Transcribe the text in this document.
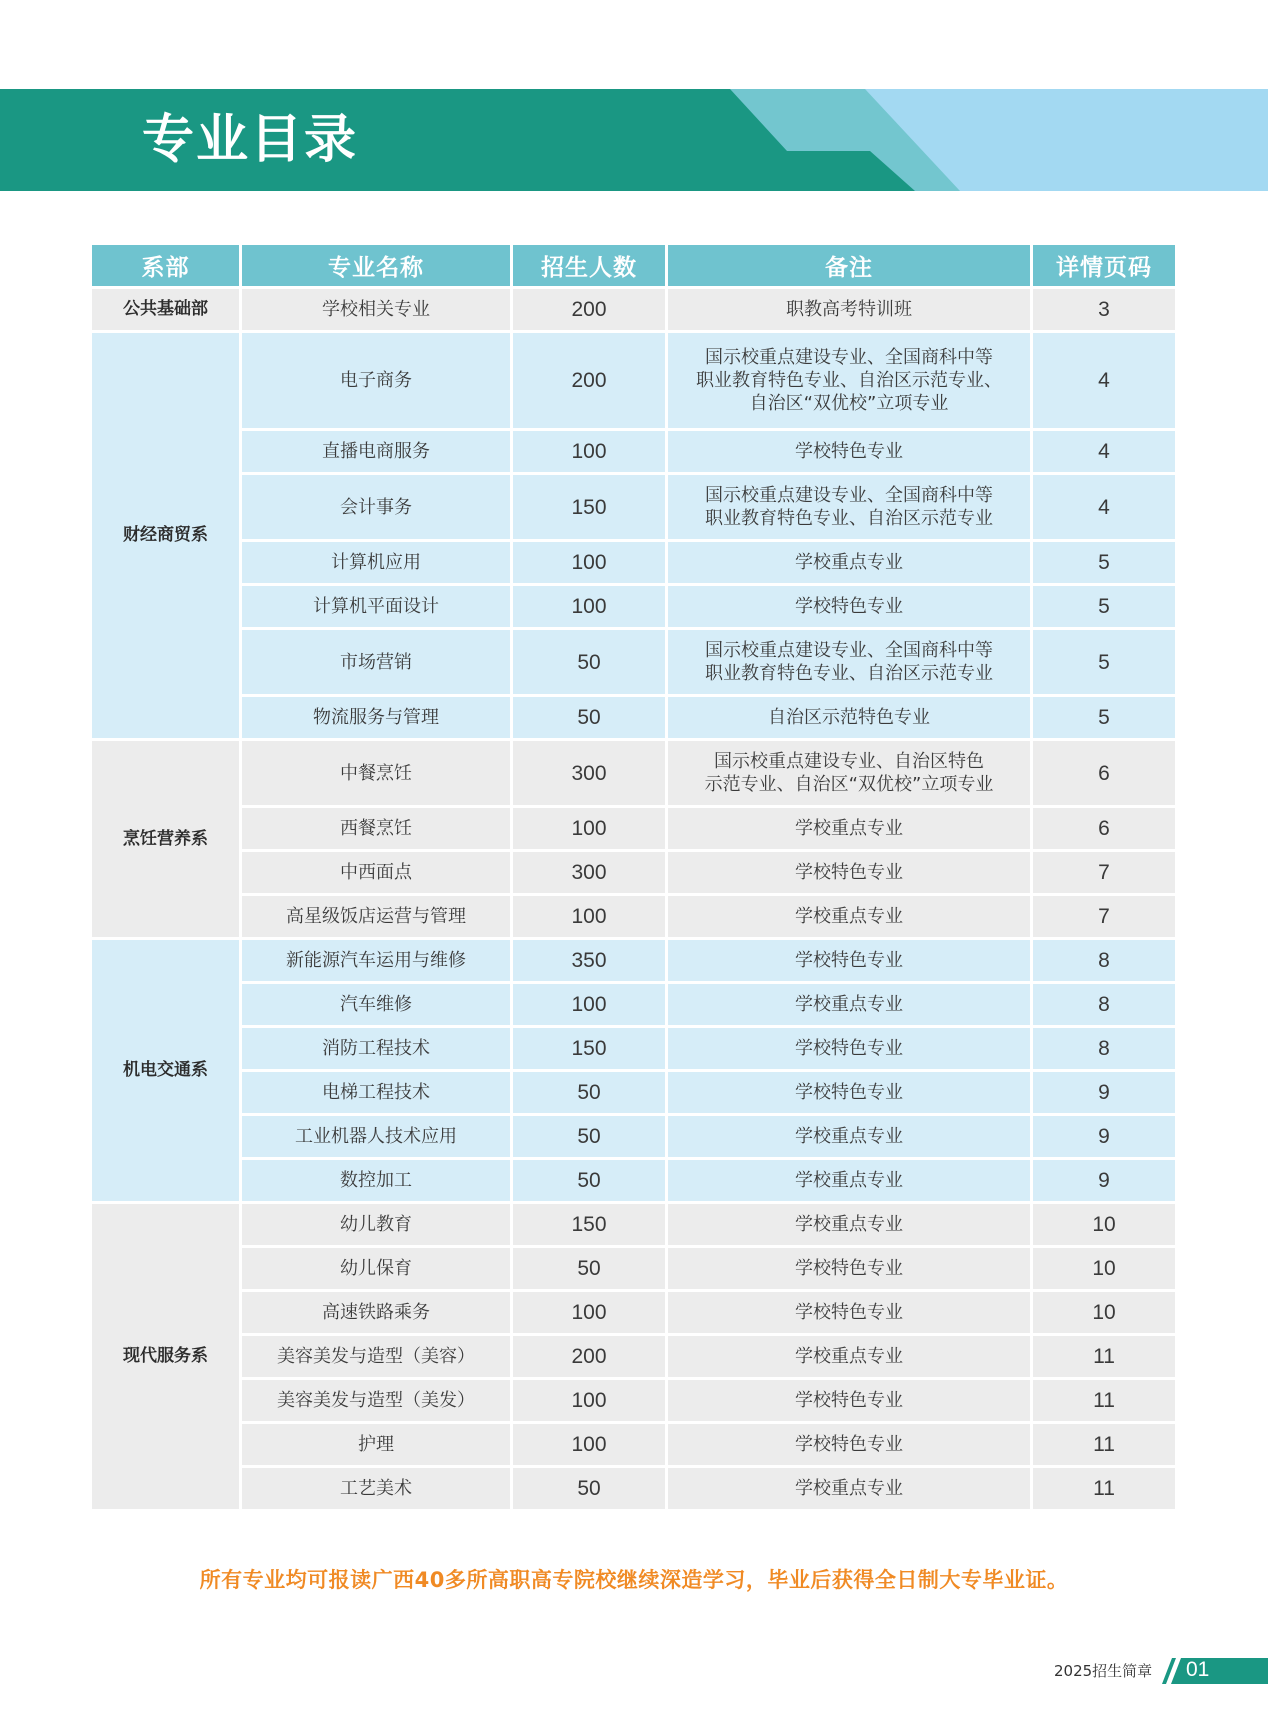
专业目录
系部	专业名称	招生人数	备注	详情页码
公共基础部	学校相关专业	200	职教高考特训班	3
财经商贸系	电子商务	200	国示校重点建设专业、全国商科中等
职业教育特色专业、自治区示范专业、
自治区“双优校”立项专业	4
	直播电商服务	100	学校特色专业	4
	会计事务	150	国示校重点建设专业、全国商科中等
职业教育特色专业、自治区示范专业	4
	计算机应用	100	学校重点专业	5
	计算机平面设计	100	学校特色专业	5
	市场营销	50	国示校重点建设专业、全国商科中等
职业教育特色专业、自治区示范专业	5
	物流服务与管理	50	自治区示范特色专业	5
烹饪营养系	中餐烹饪	300	国示校重点建设专业、自治区特色
示范专业、自治区“双优校”立项专业	6
	西餐烹饪	100	学校重点专业	6
	中西面点	300	学校特色专业	7
	高星级饭店运营与管理	100	学校重点专业	7
机电交通系	新能源汽车运用与维修	350	学校特色专业	8
	汽车维修	100	学校重点专业	8
	消防工程技术	150	学校特色专业	8
	电梯工程技术	50	学校特色专业	9
	工业机器人技术应用	50	学校重点专业	9
	数控加工	50	学校重点专业	9
现代服务系	幼儿教育	150	学校重点专业	10
	幼儿保育	50	学校特色专业	10
	高速铁路乘务	100	学校特色专业	10
	美容美发与造型（美容）	200	学校重点专业	11
	美容美发与造型（美发）	100	学校特色专业	11
	护理	100	学校特色专业	11
	工艺美术	50	学校重点专业	11
所有专业均可报读广西40多所高职高专院校继续深造学习，毕业后获得全日制大专毕业证。
2025招生简章 01
